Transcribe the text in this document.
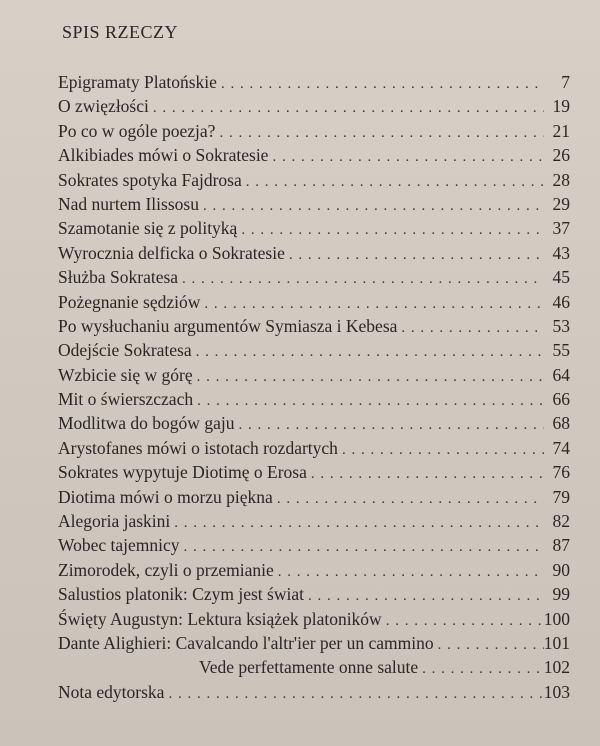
SPIS RZECZY
Epigramaty Platońskie . . .	7
O zwięzłości . . .	19
Po co w ogóle poezja? . . .	21
Alkibiades mówi o Sokratesie . . .	26
Sokrates spotyka Fajdrosa . . .	28
Nad nurtem Ilissosu . . .	29
Szamotanie się z polityką . . .	37
Wyrocznia delficka o Sokratesie . . .	43
Służba Sokratesa . . .	45
Pożegnanie sędziów . . .	46
Po wysłuchaniu argumentów Symiasza i Kebesa . . .	53
Odejście Sokratesa . . .	55
Wzbicie się w górę . . .	64
Mit o świerszczach . . .	66
Modlitwa do bogów gaju . . .	68
Arystofanes mówi o istotach rozdartych . . .	74
Sokrates wypytuje Diotimę o Erosa . . .	76
Diotima mówi o morzu piękna . . .	79
Alegoria jaskini . . .	82
Wobec tajemnicy . . .	87
Zimorodek, czyli o przemianie . . .	90
Salustios platonik: Czym jest świat . . .	99
Święty Augustyn: Lektura książek platoników . . .	100
Dante Alighieri: Cavalcando l'altr'ier per un cammino . . .	101
Vede perfettamente onne salute . . .	102
Nota edytorska . . .	103
